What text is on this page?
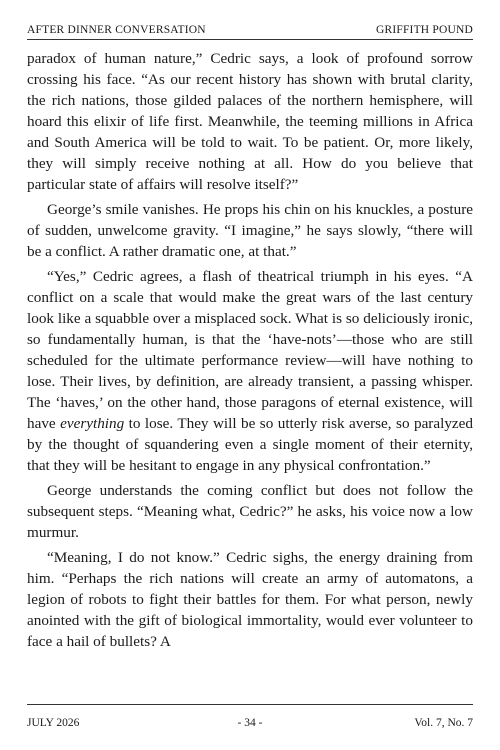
AFTER DINNER CONVERSATION	GRIFFITH POUND

paradox of human nature,” Cedric says, a look of profound sorrow crossing his face. “As our recent history has shown with brutal clarity, the rich nations, those gilded palaces of the northern hemisphere, will hoard this elixir of life first. Meanwhile, the teeming millions in Africa and South America will be told to wait. To be patient. Or, more likely, they will simply receive nothing at all. How do you believe that particular state of affairs will resolve itself?”

George’s smile vanishes. He props his chin on his knuckles, a posture of sudden, unwelcome gravity. “I imagine,” he says slowly, “there will be a conflict. A rather dramatic one, at that.”

“Yes,” Cedric agrees, a flash of theatrical triumph in his eyes. “A conflict on a scale that would make the great wars of the last century look like a squabble over a misplaced sock. What is so deliciously ironic, so fundamentally human, is that the ‘have-nots’—those who are still scheduled for the ultimate performance review—will have nothing to lose. Their lives, by definition, are already transient, a passing whisper. The ‘haves,’ on the other hand, those paragons of eternal existence, will have everything to lose. They will be so utterly risk averse, so paralyzed by the thought of squandering even a single moment of their eternity, that they will be hesitant to engage in any physical confrontation.”

George understands the coming conflict but does not follow the subsequent steps. “Meaning what, Cedric?” he asks, his voice now a low murmur.

“Meaning, I do not know.” Cedric sighs, the energy draining from him. “Perhaps the rich nations will create an army of automatons, a legion of robots to fight their battles for them. For what person, newly anointed with the gift of biological immortality, would ever volunteer to face a hail of bullets? A

JULY 2026	- 34 -	Vol. 7, No. 7
